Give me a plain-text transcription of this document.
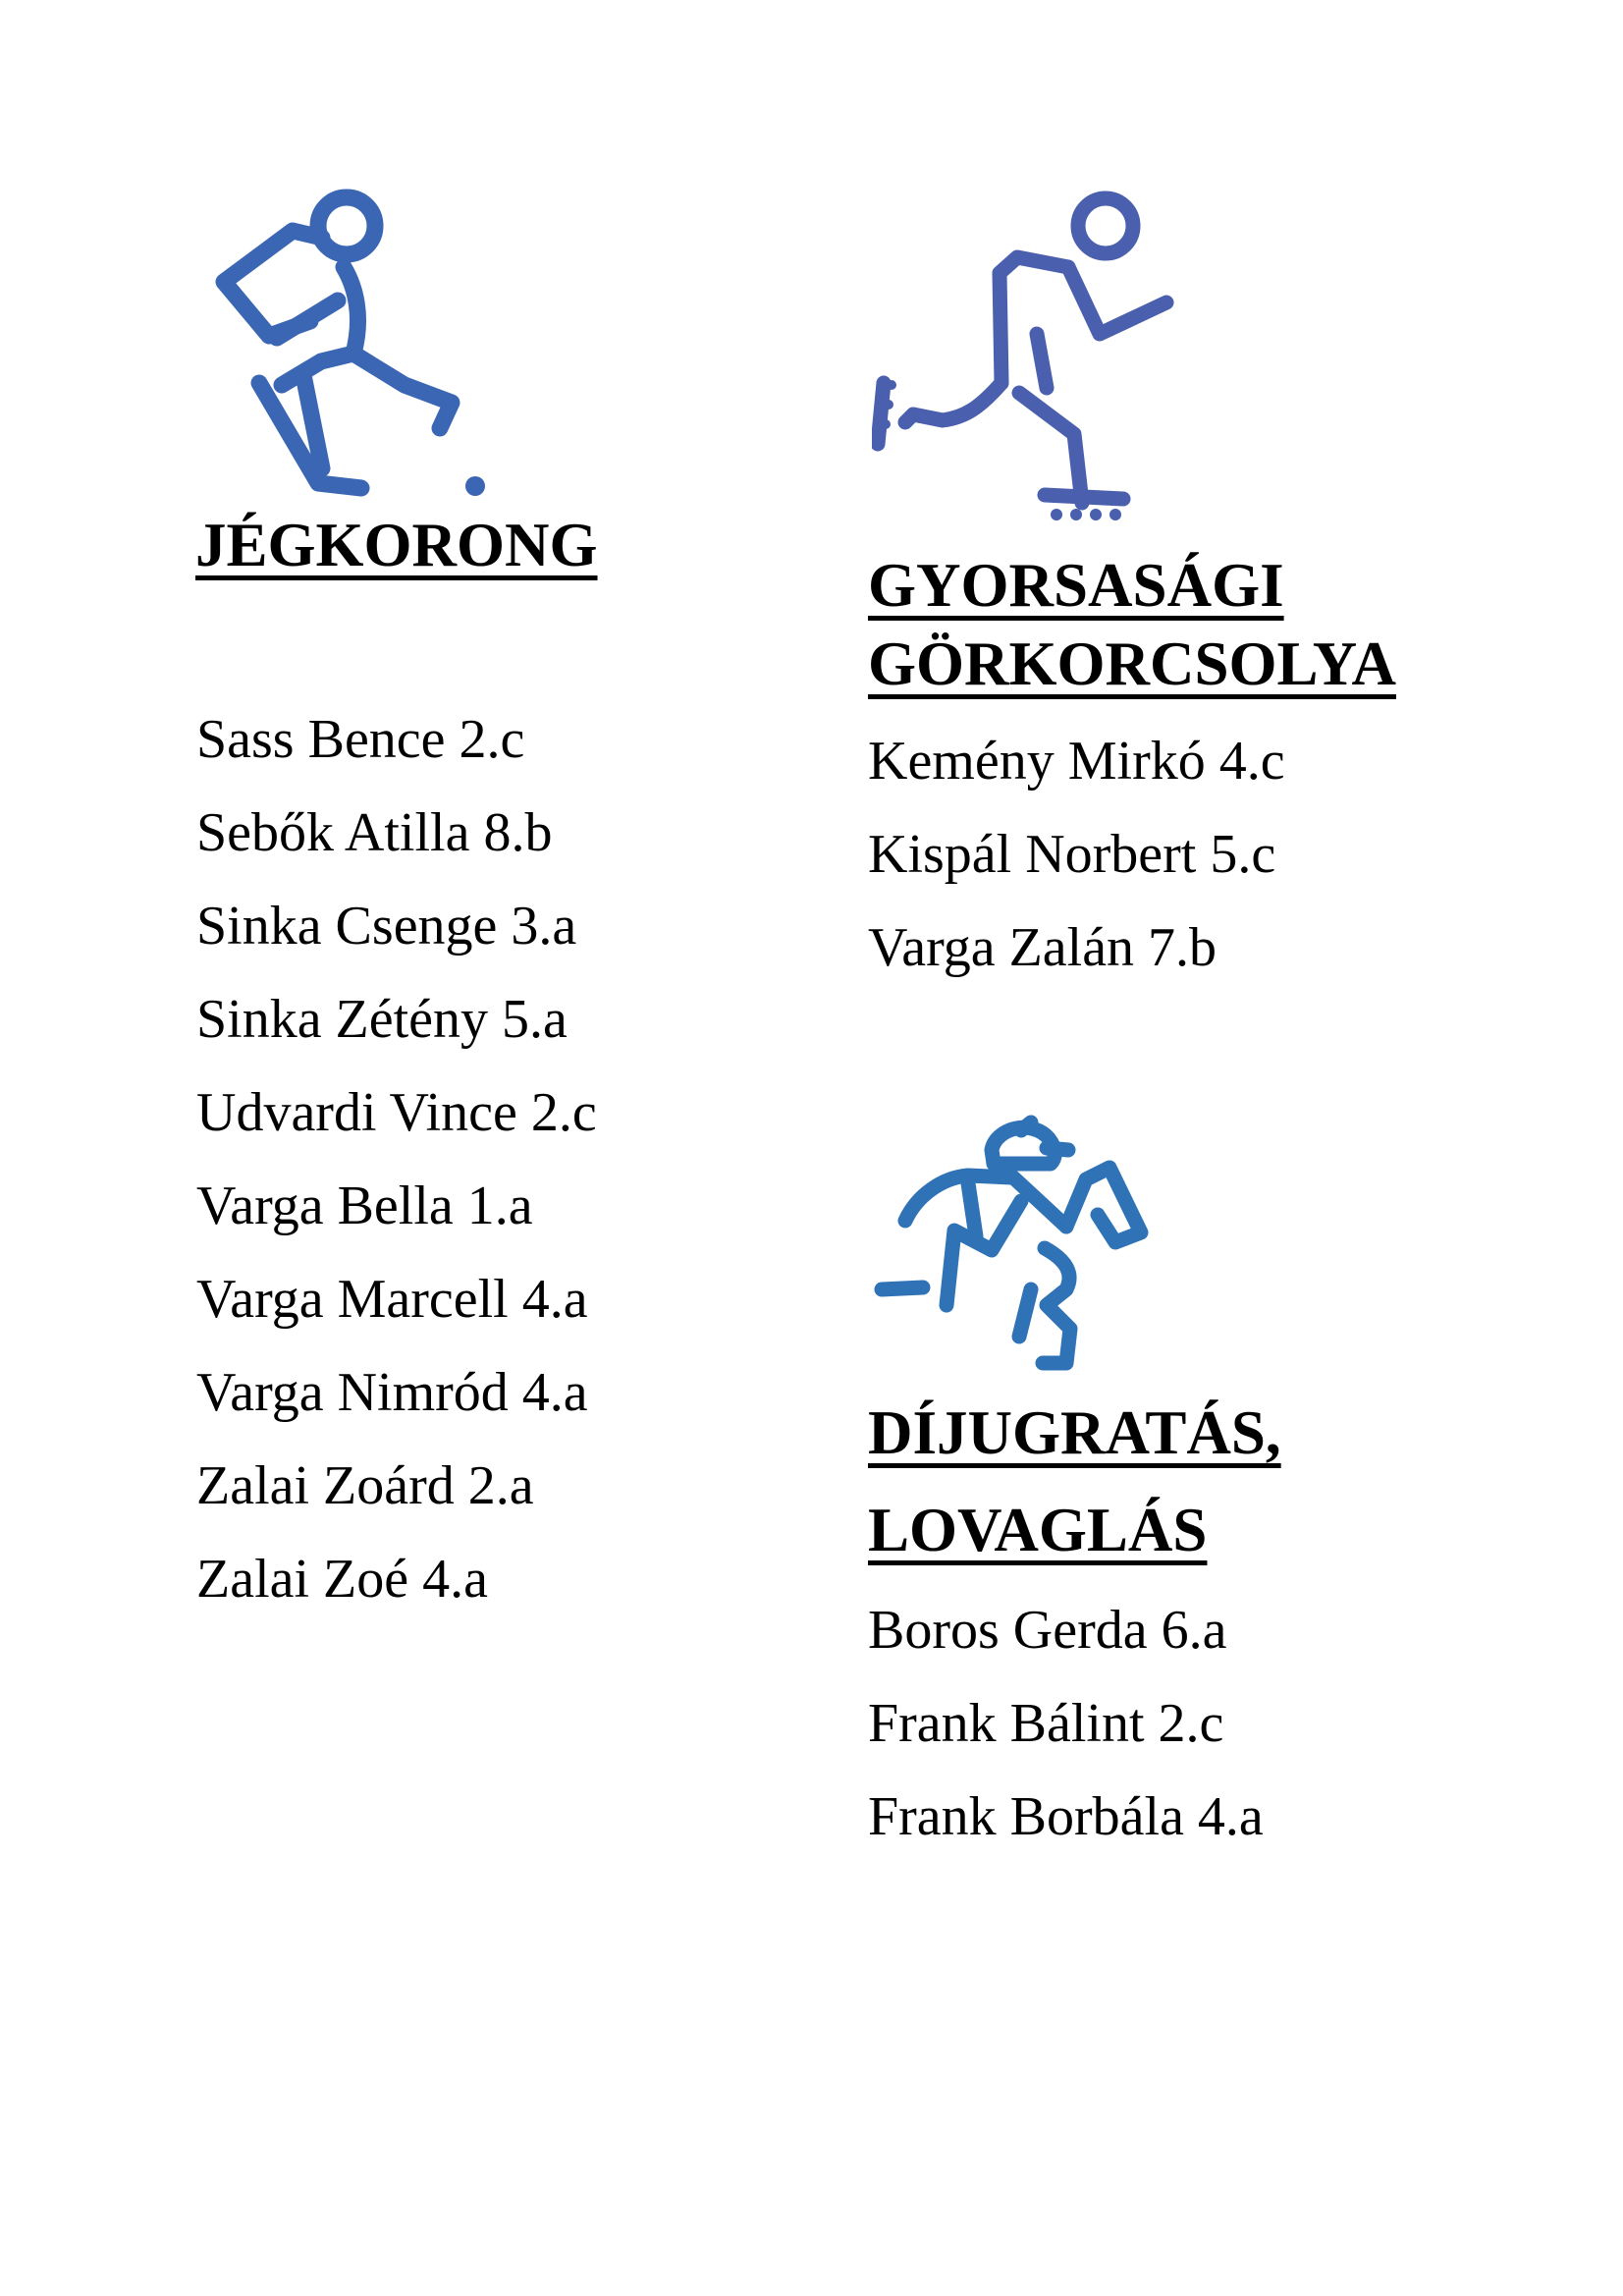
JÉGKORONG
Sass Bence 2.c
Sebők Atilla 8.b
Sinka Csenge 3.a
Sinka Zétény 5.a
Udvardi Vince 2.c
Varga Bella 1.a
Varga Marcell 4.a
Varga Nimród 4.a
Zalai Zoárd 2.a
Zalai Zoé 4.a
GYORSASÁGI
GÖRKORCSOLYA
Kemény Mirkó 4.c
Kispál Norbert 5.c
Varga Zalán 7.b
DÍJUGRATÁS,
LOVAGLÁS
Boros Gerda 6.a
Frank Bálint 2.c
Frank Borbála 4.a
